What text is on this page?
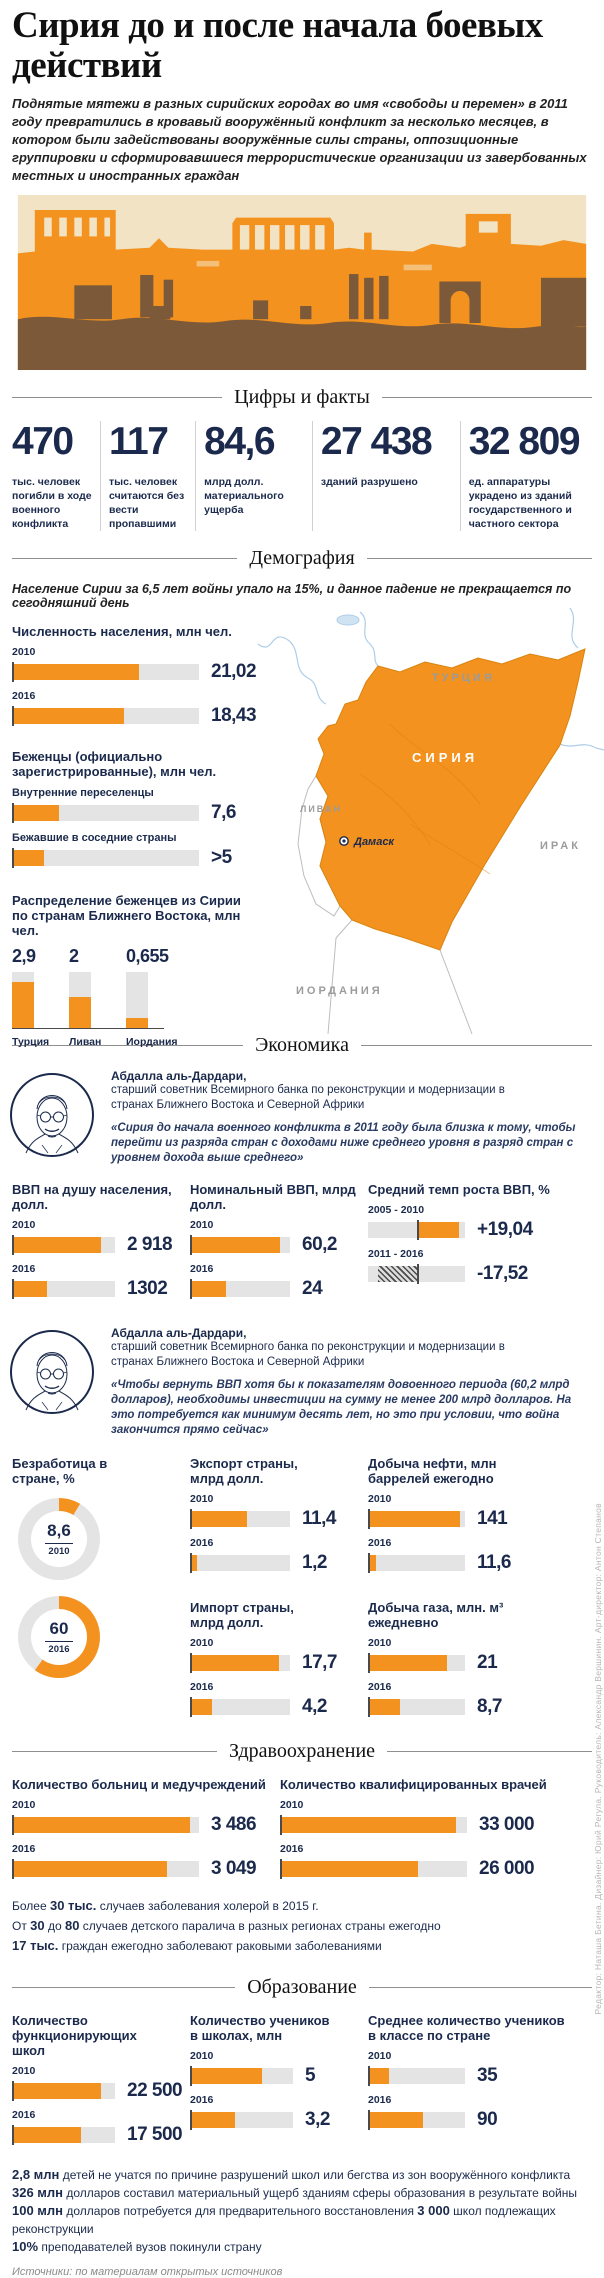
Сирия до и после начала боевых действий

Поднятые мятежи в разных сирийских городах во имя «свободы и перемен» в 2011 году превратились в кровавый вооружённый конфликт за несколько месяцев, в котором были задействованы вооружённые силы страны, оппозиционные группировки и сформировавшиеся террористические организации из завербованных местных и иностранных граждан

Цифры и факты
470
тыс. человек погибли в ходе военного конфликта
117
тыс. человек считаются без вести пропавшими
84,6
млрд долл. материального ущерба
27 438
зданий разрушено
32 809
ед. аппаратуры украдено из зданий государственного и частного сектора
Демография

Население Сирии за 6,5 лет войны упало на 15%, и данное падение не прекращается по сегодняшний день

Численность населения, млн чел.
2010
21,02
2016
18,43
Беженцы (официально зарегистрированные), млн чел.
Внутренние переселенцы
7,6
Бежавшие в соседние страны
>5
Распределение беженцев из Сирии по странам Ближнего Востока, млн чел.
2,9	2	0,655
Турция	Ливан	Иордания
ТУРЦИЯ
СИРИЯ
ЛИВАН
ИРАК
ИОРДАНИЯ
Дамаск
Экономика
Абдалла аль-Дардари,
старший советник Всемирного банка по реконструкции и модернизации в странах Ближнего Востока и Северной Африки
«Сирия до начала военного конфликта в 2011 году была близка к тому, чтобы перейти из разряда стран с доходами ниже среднего уровня в разряд стран с уровнем дохода выше среднего»
ВВП на душу населения, долл.
2010
2 918
2016
1302
Номинальный ВВП, млрд долл.
2010
60,2
2016
24
Средний темп роста ВВП, %
2005 - 2010
+19,04
2011 - 2016
-17,52
Абдалла аль-Дардари,
старший советник Всемирного банка по реконструкции и модернизации в странах Ближнего Востока и Северной Африки
«Чтобы вернуть ВВП хотя бы к показателям довоенного периода (60,2 млрд долларов), необходимы инвестиции на сумму не менее 200 млрд долларов. На это потребуется как минимум десять лет, но это при условии, что война закончится прямо сейчас»
Безработица в стране, %
8,6
2010
60
2016
Экспорт страны, млрд долл.
2010
11,4
2016
1,2
Импорт страны, млрд долл.
2010
17,7
2016
4,2
Добыча нефти, млн баррелей ежегодно
2010
141
2016
11,6
Добыча газа, млн. м³ ежедневно
2010
21
2016
8,7
Здравоохранение
Количество больниц и медучреждений
2010
3 486
2016
3 049
Количество квалифицированных врачей
2010
33 000
2016
26 000
Более 30 тыс. случаев заболевания холерой в 2015 г.
От 30 до 80 случаев детского паралича в разных регионах страны ежегодно
17 тыс. граждан ежегодно заболевают раковыми заболеваниями
Образование
Количество функционирующих школ
2010
22 500
2016
17 500
Количество учеников в школах, млн
2010
5
2016
3,2
Среднее количество учеников в классе по стране
2010
35
2016
90
2,8 млн детей не учатся по причине разрушений школ или бегства из зон вооружённого конфликта
326 млн долларов составил материальный ущерб зданиям сферы образования в результате войны
100 млн долларов потребуется для предварительного восстановления 3 000 школ подлежащих реконструкции
10% преподавателей вузов покинули страну
Источники: по материалам открытых источников
Редактор: Наташа Бетина. Дизайнер: Юрий Регула. Руководитель: Александр Вершинин. Арт-директор: Антон Степанов
